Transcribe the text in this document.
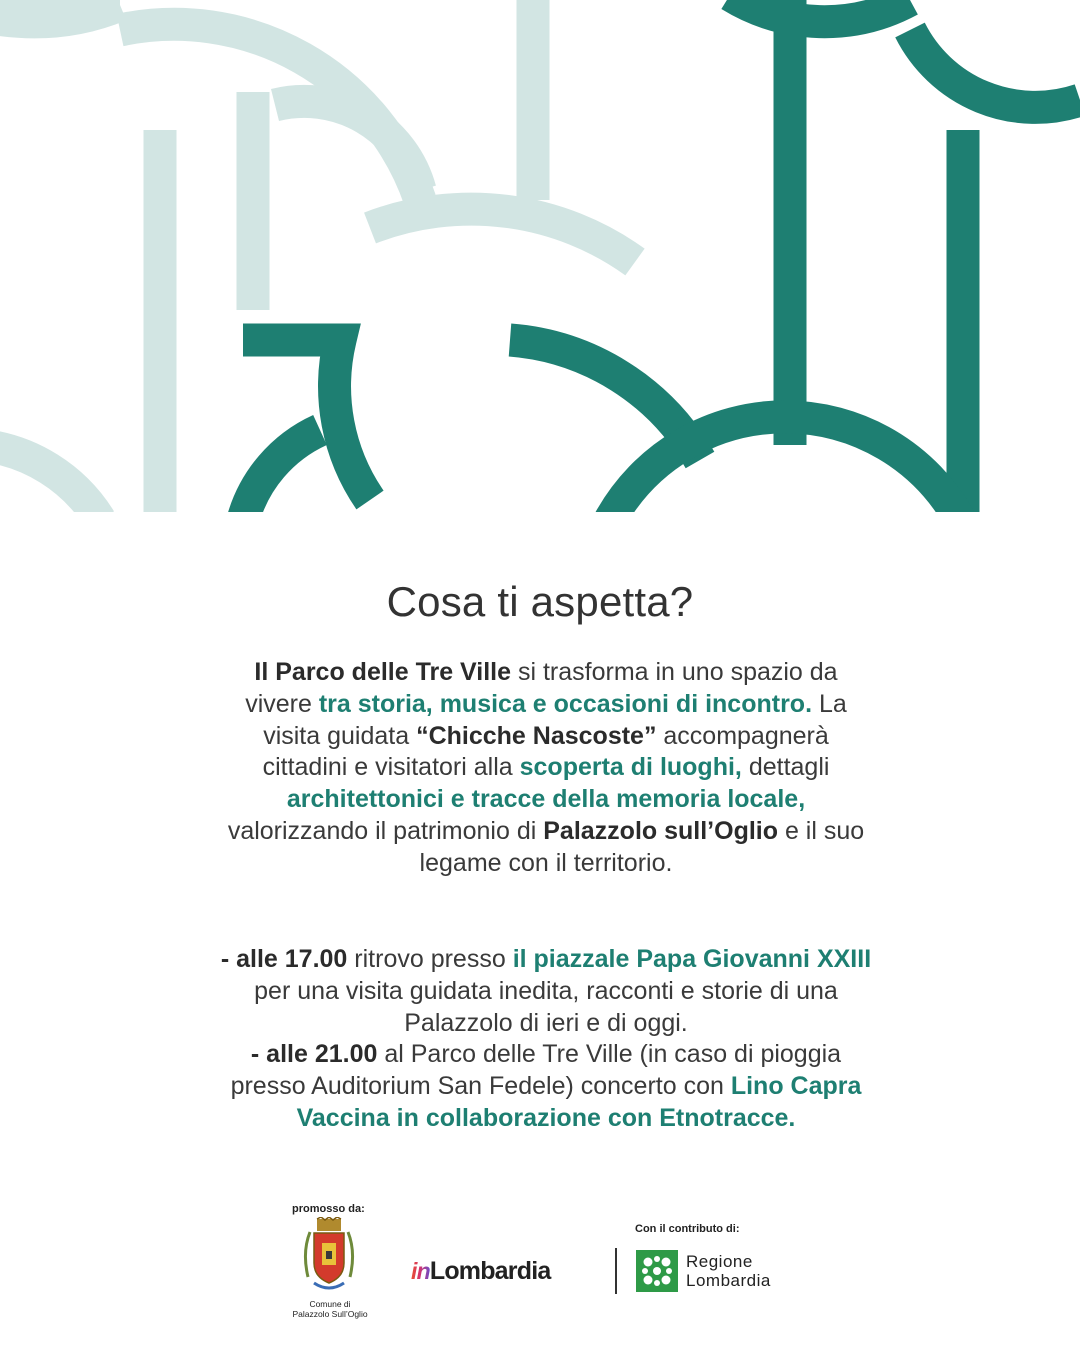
Cosa ti aspetta?

Il Parco delle Tre Ville si trasforma in uno spazio da vivere tra storia, musica e occasioni di incontro. La visita guidata “Chicche Nascoste” accompagnerà cittadini e visitatori alla scoperta di luoghi, dettagli architettonici e tracce della memoria locale, valorizzando il patrimonio di Palazzolo sull’Oglio e il suo legame con il territorio.

- alle 17.00 ritrovo presso il piazzale Papa Giovanni XXIII per una visita guidata inedita, racconti e storie di una Palazzolo di ieri e di oggi.
- alle 21.00 al Parco delle Tre Ville (in caso di pioggia presso Auditorium San Fedele) concerto con Lino Capra Vaccina in collaborazione con Etnotracce.

promosso da:
Comune di
Palazzolo Sull’Oglio
inLombardia
Con il contributo di:
Regione
Lombardia
